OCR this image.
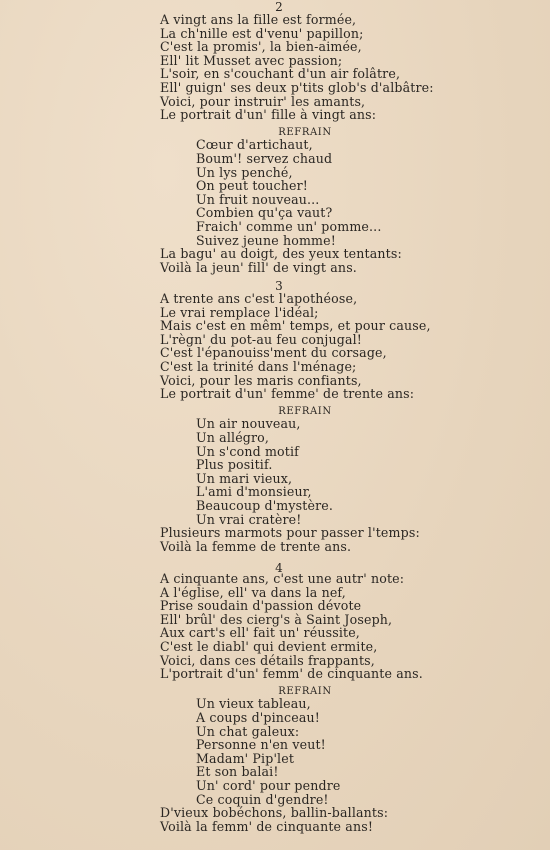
2
A vingt ans la fille est formée,
La ch'nille est d'venu' papillon;
C'est la promis', la bien-aimée,
Ell' lit Musset avec passion;
L'soir, en s'couchant d'un air folâtre,
Ell' guign' ses deux p'tits glob's d'albâtre:
Voici, pour instruir' les amants,
Le portrait d'un' fille à vingt ans:
REFRAIN
Cœur d'artichaut,
Boum'! servez chaud
Un lys penché,
On peut toucher!
Un fruit nouveau...
Combien qu'ça vaut?
Fraich' comme un' pomme...
Suivez jeune homme!
La bagu' au doigt, des yeux tentants:
Voilà la jeun' fill' de vingt ans.
3
A trente ans c'est l'apothéose,
Le vrai remplace l'idéal;
Mais c'est en mêm' temps, et pour cause,
L'règn' du pot-au feu conjugal!
C'est l'épanouiss'ment du corsage,
C'est la trinité dans l'ménage;
Voici, pour les maris confiants,
Le portrait d'un' femme' de trente ans:
REFRAIN
Un air nouveau,
Un allégro,
Un s'cond motif
Plus positif.
Un mari vieux,
L'ami d'monsieur,
Beaucoup d'mystère.
Un vrai cratère!
Plusieurs marmots pour passer l'temps:
Voilà la femme de trente ans.
4
A cinquante ans, c'est une autr' note:
A l'église, ell' va dans la nef,
Prise soudain d'passion dévote
Ell' brûl' des cierg's à Saint Joseph,
Aux cart's ell' fait un' réussite,
C'est le diabl' qui devient ermite,
Voici, dans ces détails frappants,
L'portrait d'un' femm' de cinquante ans.
REFRAIN
Un vieux tableau,
A coups d'pinceau!
Un chat galeux:
Personne n'en veut!
Madam' Pip'let
Et son balai!
Un' cord' pour pendre
Ce coquin d'gendre!
D'vieux bobéchons, ballin-ballants:
Voilà la femm' de cinquante ans!
